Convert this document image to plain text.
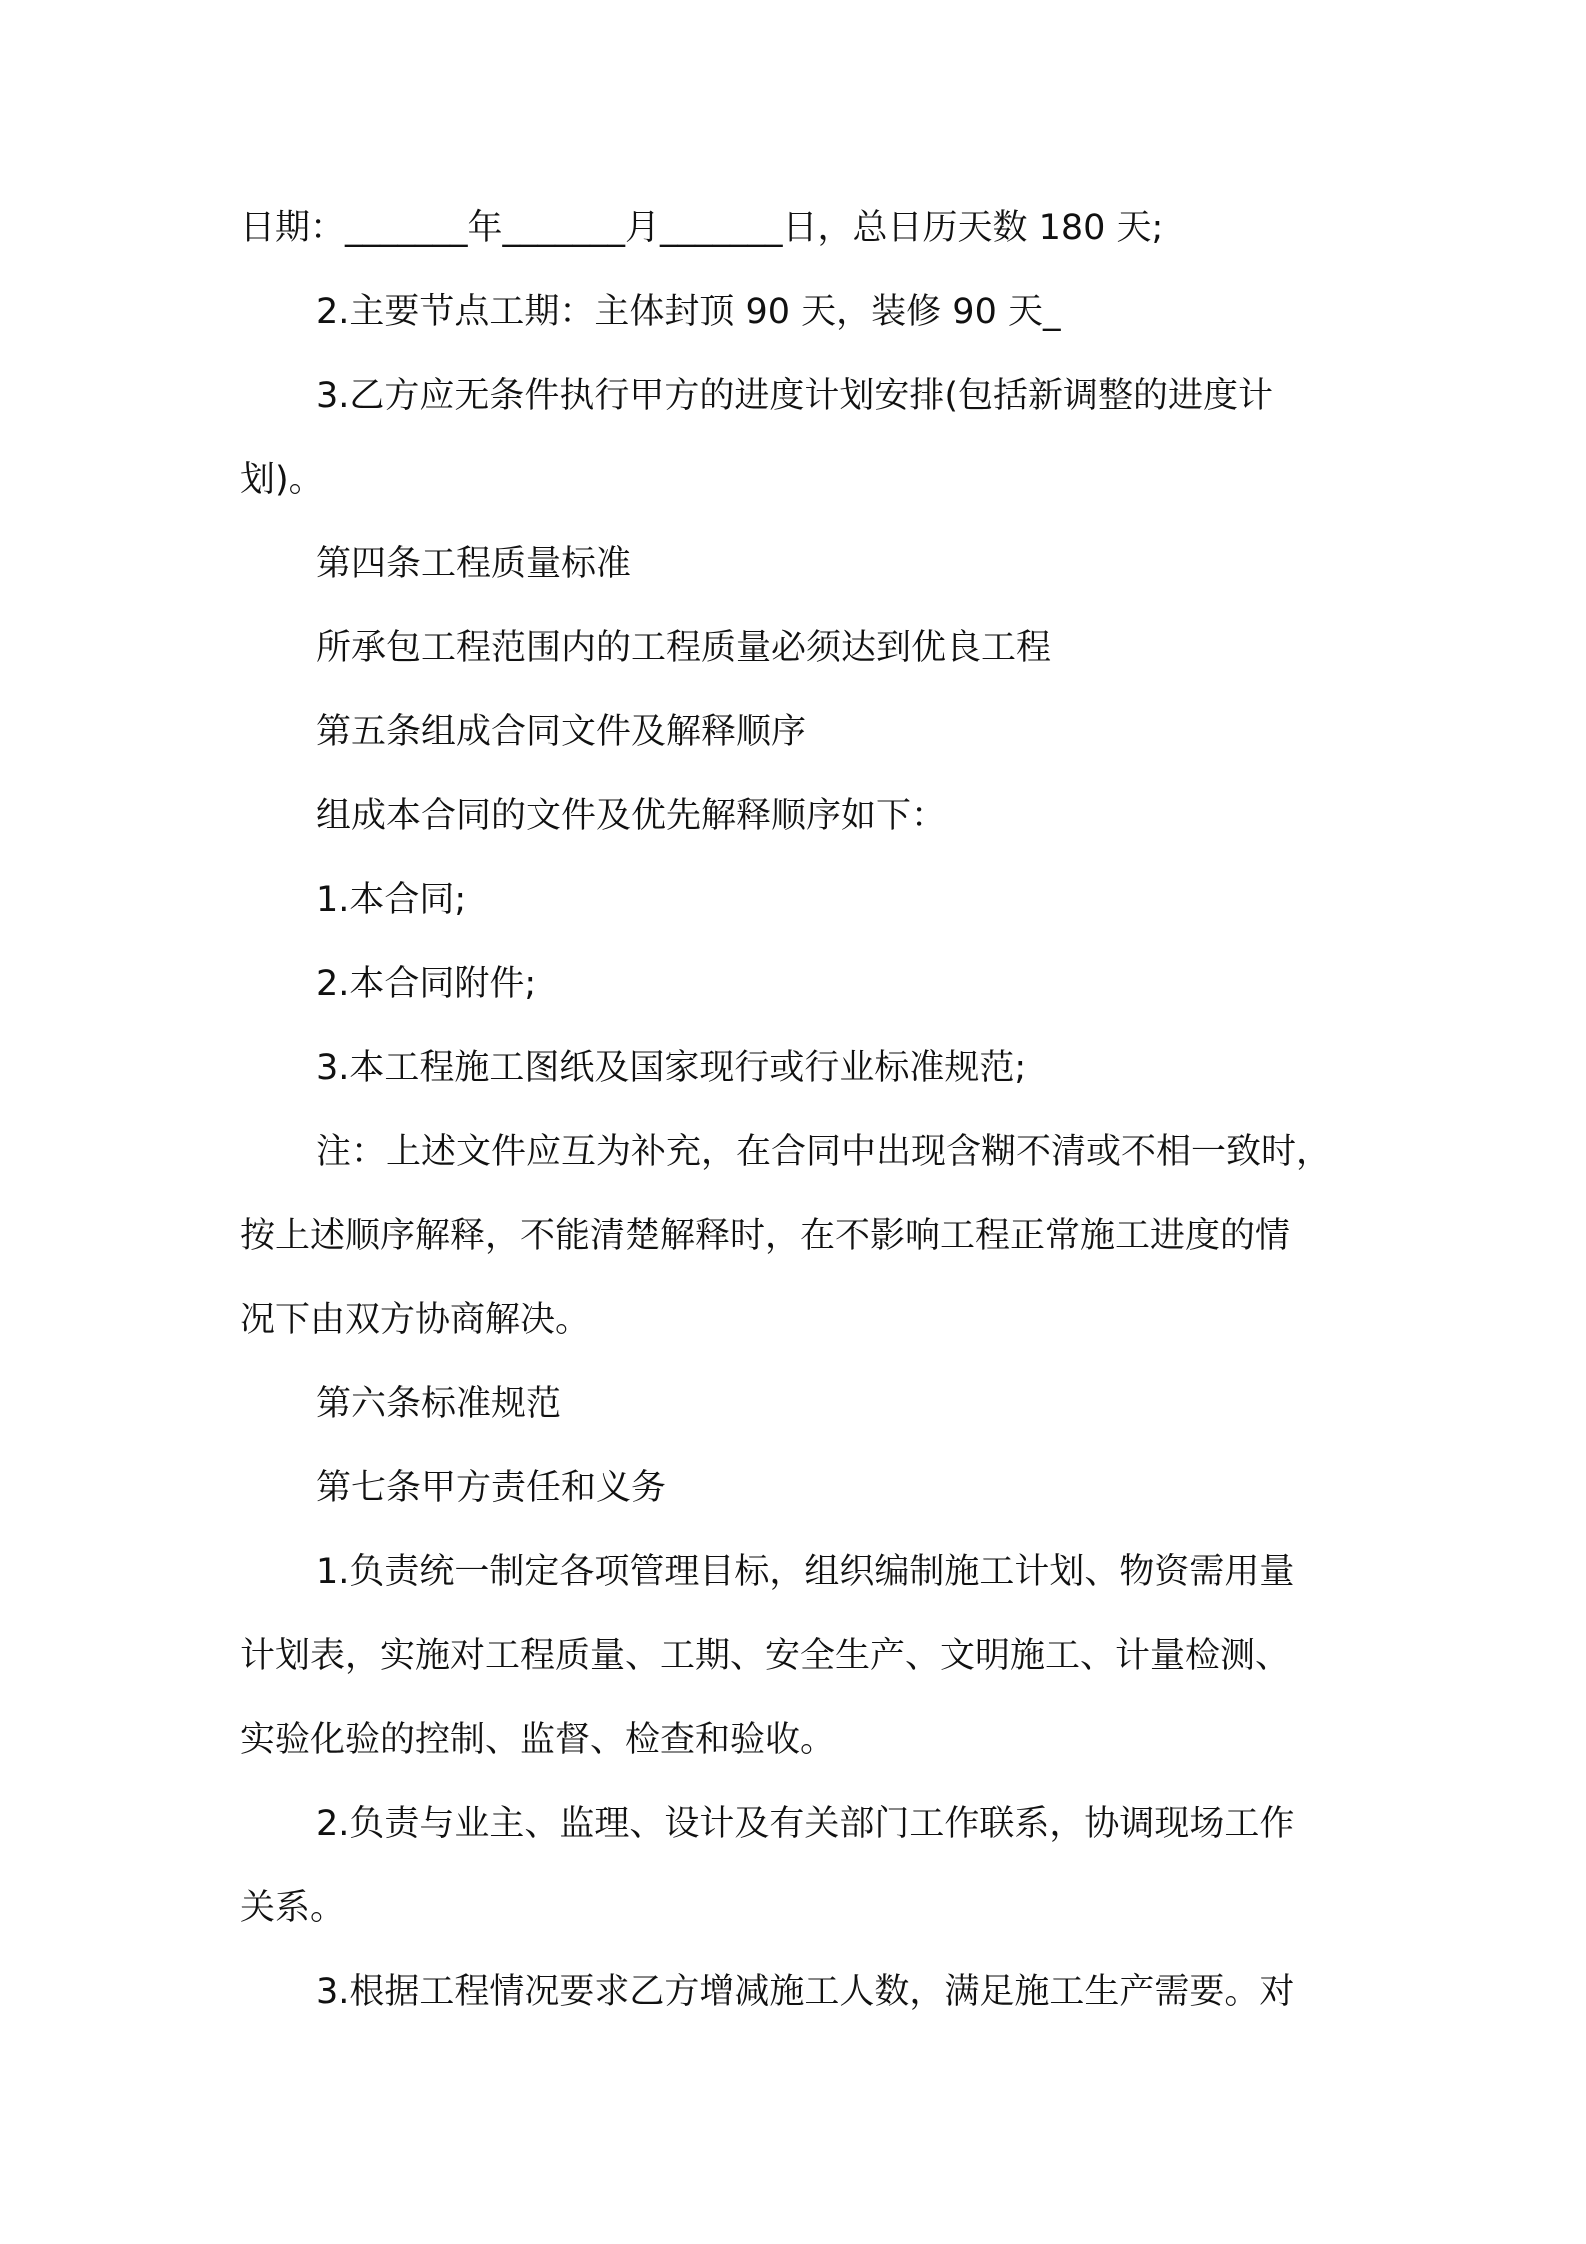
日期：_______年_______月_______日，总日历天数 180 天;
2.主要节点工期：主体封顶 90 天，装修 90 天_
3.乙方应无条件执行甲方的进度计划安排(包括新调整的进度计
划)。
第四条工程质量标准
所承包工程范围内的工程质量必须达到优良工程
第五条组成合同文件及解释顺序
组成本合同的文件及优先解释顺序如下：
1.本合同;
2.本合同附件;
3.本工程施工图纸及国家现行或行业标准规范;
注：上述文件应互为补充，在合同中出现含糊不清或不相一致时，
按上述顺序解释，不能清楚解释时，在不影响工程正常施工进度的情
况下由双方协商解决。
第六条标准规范
第七条甲方责任和义务
1.负责统一制定各项管理目标，组织编制施工计划、物资需用量
计划表，实施对工程质量、工期、安全生产、文明施工、计量检测、
实验化验的控制、监督、检查和验收。
2.负责与业主、监理、设计及有关部门工作联系，协调现场工作
关系。
3.根据工程情况要求乙方增减施工人数，满足施工生产需要。对
